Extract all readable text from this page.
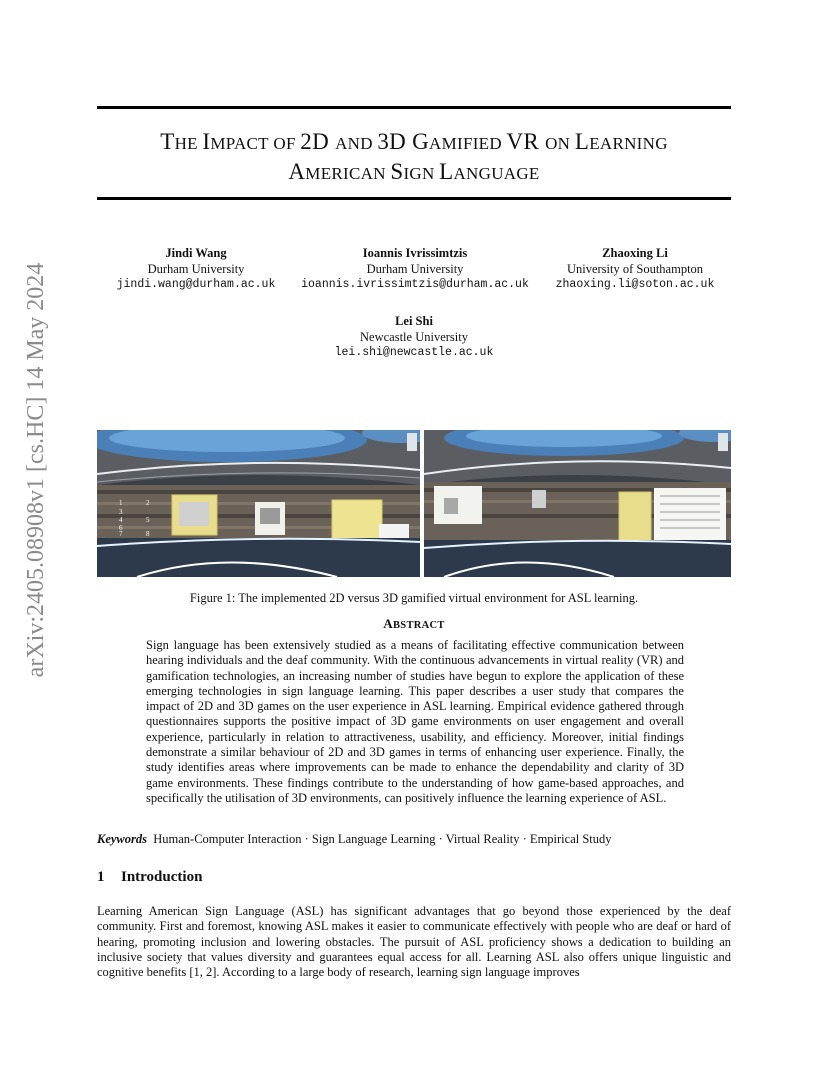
arXiv:2405.08908v1 [cs.HC] 14 May 2024
THE IMPACT OF 2D AND 3D GAMIFIED VR ON LEARNING
AMERICAN SIGN LANGUAGE
Jindi Wang
Durham University
jindi.wang@durham.ac.uk
Ioannis Ivrissimtzis
Durham University
ioannis.ivrissimtzis@durham.ac.uk
Zhaoxing Li
University of Southampton
zhaoxing.li@soton.ac.uk
Lei Shi
Newcastle University
lei.shi@newcastle.ac.uk
1	2
3
4	5
6
7	8
Figure 1: The implemented 2D versus 3D gamified virtual environment for ASL learning.
ABSTRACT
Sign language has been extensively studied as a means of facilitating effective communication between hearing individuals and the deaf community. With the continuous advancements in virtual reality (VR) and gamification technologies, an increasing number of studies have begun to explore the application of these emerging technologies in sign language learning. This paper describes a user study that compares the impact of 2D and 3D games on the user experience in ASL learning. Empirical evidence gathered through questionnaires supports the positive impact of 3D game environments on user engagement and overall experience, particularly in relation to attractiveness, usability, and efficiency. Moreover, initial findings demonstrate a similar behaviour of 2D and 3D games in terms of enhancing user experience. Finally, the study identifies areas where improvements can be made to enhance the dependability and clarity of 3D game environments. These findings contribute to the understanding of how game-based approaches, and specifically the utilisation of 3D environments, can positively influence the learning experience of ASL.
Keywords Human-Computer Interaction · Sign Language Learning · Virtual Reality · Empirical Study
1 Introduction
Learning American Sign Language (ASL) has significant advantages that go beyond those experienced by the deaf community. First and foremost, knowing ASL makes it easier to communicate effectively with people who are deaf or hard of hearing, promoting inclusion and lowering obstacles. The pursuit of ASL proficiency shows a dedication to building an inclusive society that values diversity and guarantees equal access for all. Learning ASL also offers unique linguistic and cognitive benefits [1, 2]. According to a large body of research, learning sign language improves
